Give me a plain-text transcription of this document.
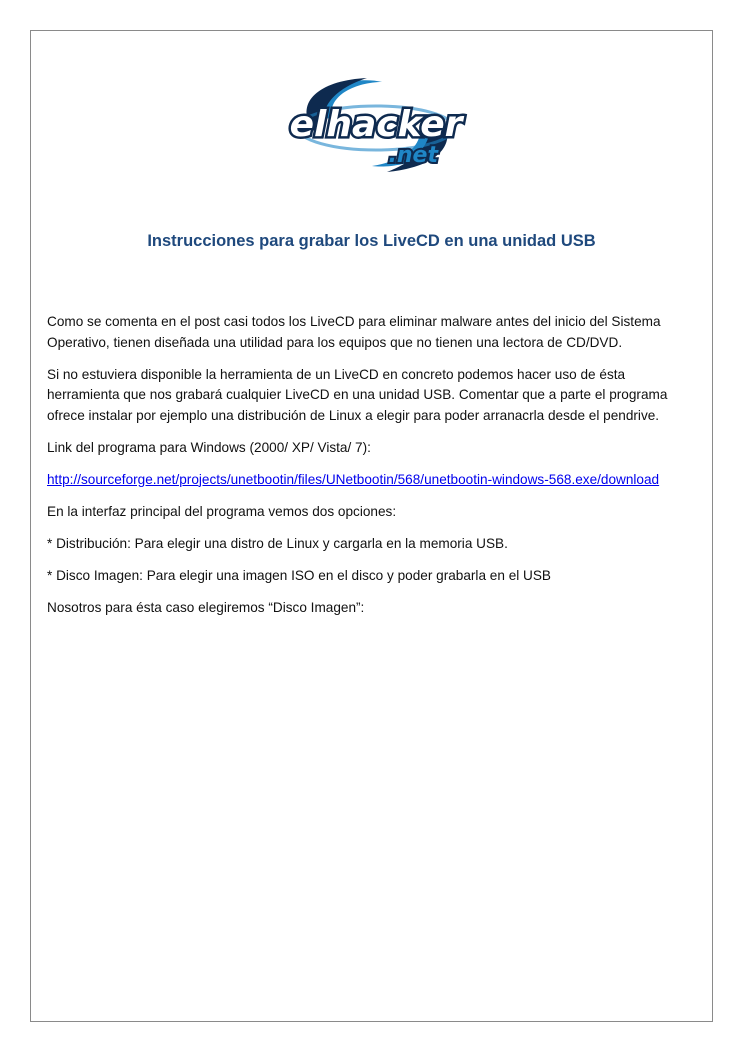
elhacker
.net
Instrucciones para grabar los LiveCD en una unidad USB

Como se comenta en el post casi todos los LiveCD para eliminar malware antes del inicio del Sistema Operativo, tienen diseñada una utilidad para los equipos que no tienen una lectora de CD/DVD.

Si no estuviera disponible la herramienta de un LiveCD en concreto podemos hacer uso de ésta herramienta que nos grabará cualquier LiveCD en una unidad USB. Comentar que a parte el programa ofrece instalar por ejemplo una distribución de Linux a elegir para poder arranacrla desde el pendrive.

Link del programa para Windows (2000/ XP/ Vista/ 7):

http://sourceforge.net/projects/unetbootin/files/UNetbootin/568/unetbootin-windows-568.exe/download

En la interfaz principal del programa vemos dos opciones:

* Distribución: Para elegir una distro de Linux y cargarla en la memoria USB.

* Disco Imagen: Para elegir una imagen ISO en el disco y poder grabarla en el USB

Nosotros para ésta caso elegiremos “Disco Imagen”:
